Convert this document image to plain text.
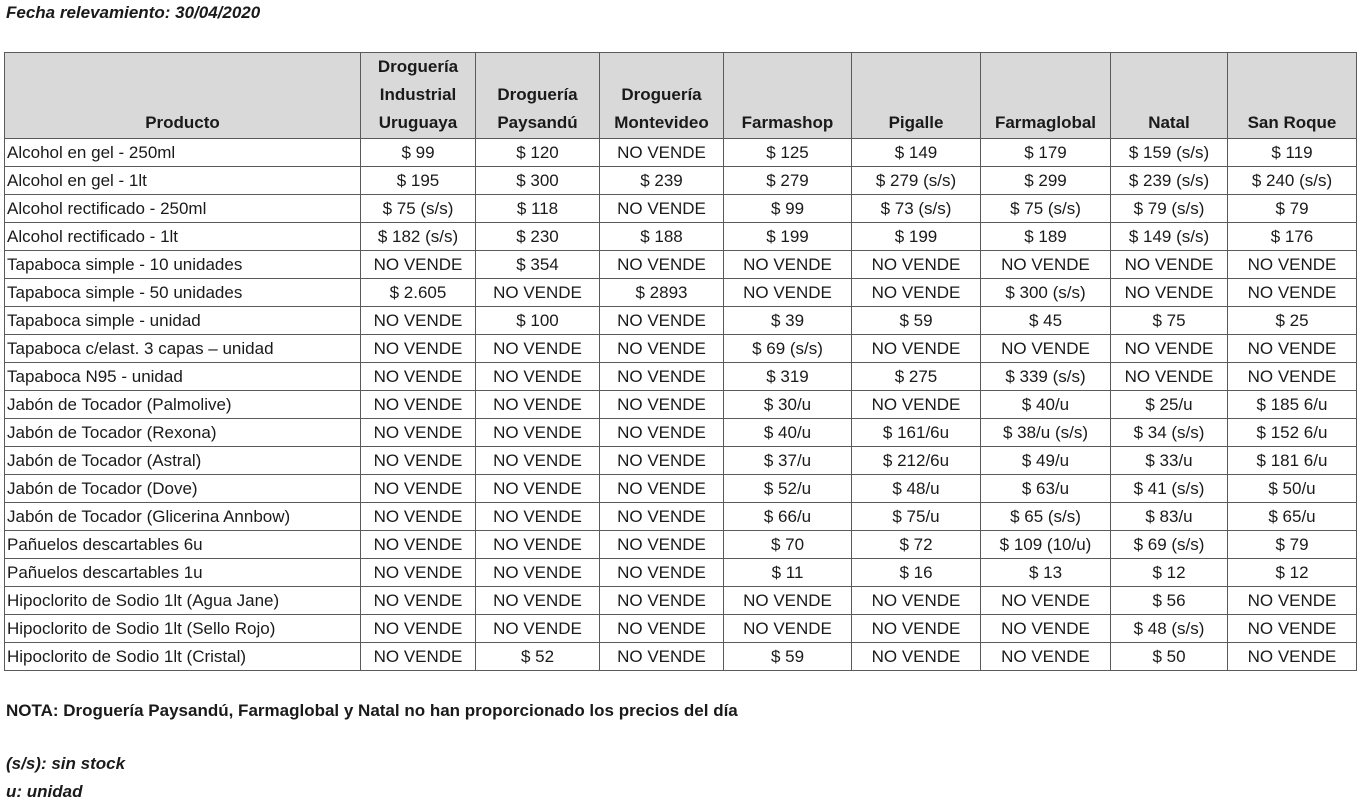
Fecha relevamiento: 30/04/2020
Producto	Droguería Industrial Uruguaya	Droguería Paysandú	Droguería Montevideo	Farmashop	Pigalle	Farmaglobal	Natal	San Roque
Alcohol en gel - 250ml	$ 99	$ 120	NO VENDE	$ 125	$ 149	$ 179	$ 159 (s/s)	$ 119
Alcohol en gel - 1lt	$ 195	$ 300	$ 239	$ 279	$ 279 (s/s)	$ 299	$ 239 (s/s)	$ 240 (s/s)
Alcohol rectificado - 250ml	$ 75 (s/s)	$ 118	NO VENDE	$ 99	$ 73 (s/s)	$ 75 (s/s)	$ 79 (s/s)	$ 79
Alcohol rectificado - 1lt	$ 182 (s/s)	$ 230	$ 188	$ 199	$ 199	$ 189	$ 149 (s/s)	$ 176
Tapaboca simple - 10 unidades	NO VENDE	$ 354	NO VENDE	NO VENDE	NO VENDE	NO VENDE	NO VENDE	NO VENDE
Tapaboca simple - 50 unidades	$ 2.605	NO VENDE	$ 2893	NO VENDE	NO VENDE	$ 300 (s/s)	NO VENDE	NO VENDE
Tapaboca simple - unidad	NO VENDE	$ 100	NO VENDE	$ 39	$ 59	$ 45	$ 75	$ 25
Tapaboca c/elast. 3 capas – unidad	NO VENDE	NO VENDE	NO VENDE	$ 69 (s/s)	NO VENDE	NO VENDE	NO VENDE	NO VENDE
Tapaboca N95 - unidad	NO VENDE	NO VENDE	NO VENDE	$ 319	$ 275	$ 339 (s/s)	NO VENDE	NO VENDE
Jabón de Tocador (Palmolive)	NO VENDE	NO VENDE	NO VENDE	$ 30/u	NO VENDE	$ 40/u	$ 25/u	$ 185 6/u
Jabón de Tocador (Rexona)	NO VENDE	NO VENDE	NO VENDE	$ 40/u	$ 161/6u	$ 38/u (s/s)	$ 34 (s/s)	$ 152 6/u
Jabón de Tocador (Astral)	NO VENDE	NO VENDE	NO VENDE	$ 37/u	$ 212/6u	$ 49/u	$ 33/u	$ 181 6/u
Jabón de Tocador (Dove)	NO VENDE	NO VENDE	NO VENDE	$ 52/u	$ 48/u	$ 63/u	$ 41 (s/s)	$ 50/u
Jabón de Tocador (Glicerina Annbow)	NO VENDE	NO VENDE	NO VENDE	$ 66/u	$ 75/u	$ 65 (s/s)	$ 83/u	$ 65/u
Pañuelos descartables 6u	NO VENDE	NO VENDE	NO VENDE	$ 70	$ 72	$ 109 (10/u)	$ 69 (s/s)	$ 79
Pañuelos descartables 1u	NO VENDE	NO VENDE	NO VENDE	$ 11	$ 16	$ 13	$ 12	$ 12
Hipoclorito de Sodio 1lt (Agua Jane)	NO VENDE	NO VENDE	NO VENDE	NO VENDE	NO VENDE	NO VENDE	$ 56	NO VENDE
Hipoclorito de Sodio 1lt (Sello Rojo)	NO VENDE	NO VENDE	NO VENDE	NO VENDE	NO VENDE	NO VENDE	$ 48 (s/s)	NO VENDE
Hipoclorito de Sodio 1lt (Cristal)	NO VENDE	$ 52	NO VENDE	$ 59	NO VENDE	NO VENDE	$ 50	NO VENDE
NOTA: Droguería Paysandú, Farmaglobal y Natal no han proporcionado los precios del día
(s/s): sin stock
u: unidad
